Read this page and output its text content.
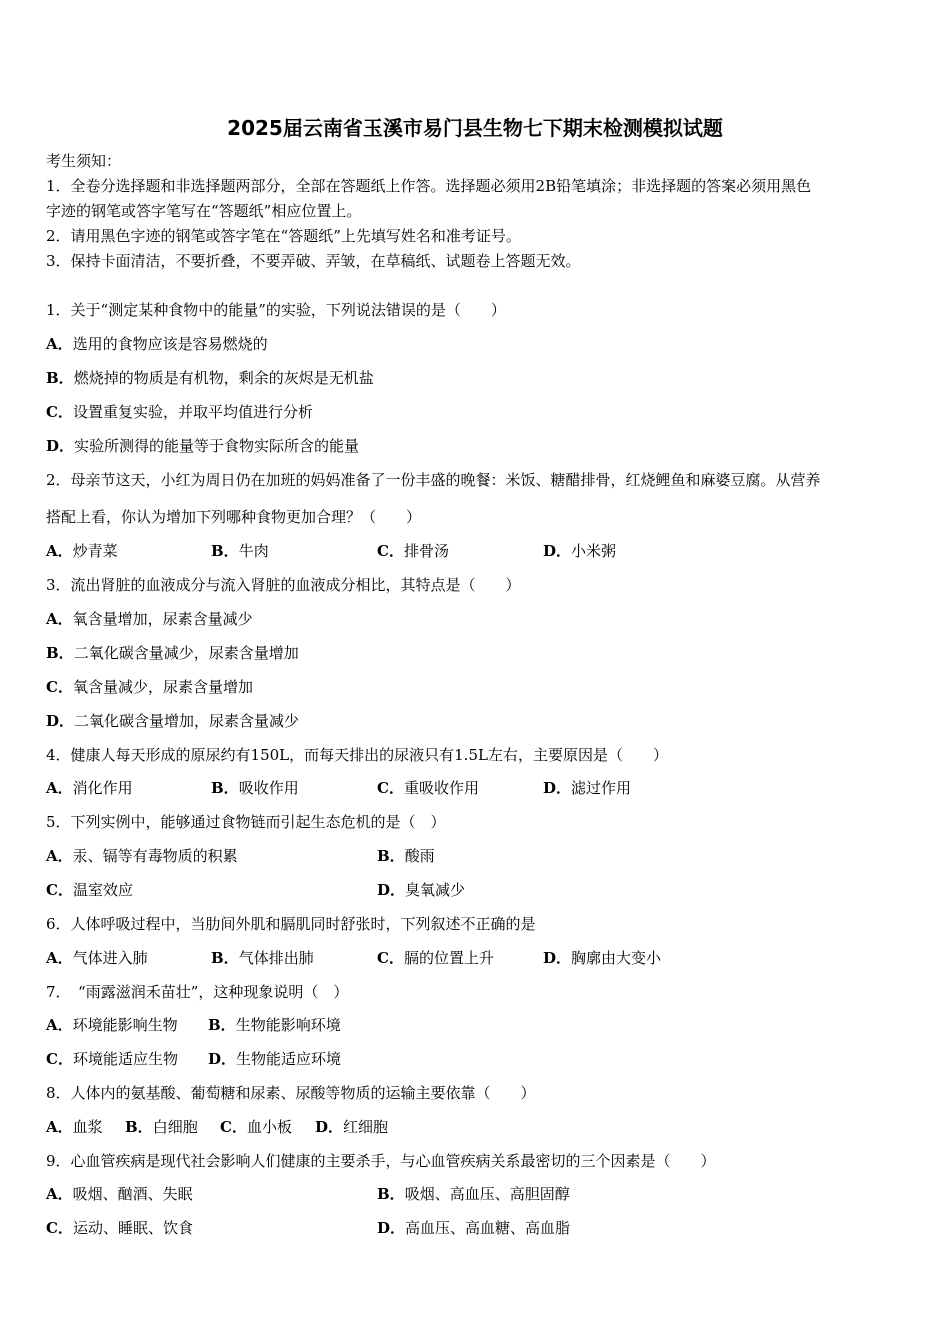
2025届云南省玉溪市易门县生物七下期末检测模拟试题
考生须知：
1．全卷分选择题和非选择题两部分，全部在答题纸上作答。选择题必须用2B铅笔填涂；非选择题的答案必须用黑色
字迹的钢笔或答字笔写在“答题纸”相应位置上。
2．请用黑色字迹的钢笔或答字笔在“答题纸”上先填写姓名和准考证号。
3．保持卡面清洁，不要折叠，不要弄破、弄皱，在草稿纸、试题卷上答题无效。
1．关于“测定某种食物中的能量”的实验，下列说法错误的是（　　）
A．选用的食物应该是容易燃烧的
B．燃烧掉的物质是有机物，剩余的灰烬是无机盐
C．设置重复实验，并取平均值进行分析
D．实验所测得的能量等于食物实际所含的能量
2．母亲节这天，小红为周日仍在加班的妈妈准备了一份丰盛的晚餐：米饭、糖醋排骨，红烧鲤鱼和麻婆豆腐。从营养
搭配上看，你认为增加下列哪种食物更加合理？（　　）
A．炒青菜	B．牛肉	C．排骨汤	D．小米粥
3．流出肾脏的血液成分与流入肾脏的血液成分相比，其特点是（　　）
A．氧含量增加，尿素含量减少
B．二氧化碳含量减少，尿素含量增加
C．氧含量减少，尿素含量增加
D．二氧化碳含量增加，尿素含量减少
4．健康人每天形成的原尿约有150L，而每天排出的尿液只有1.5L左右，主要原因是（　　）
A．消化作用	B．吸收作用	C．重吸收作用	D．滤过作用
5．下列实例中，能够通过食物链而引起生态危机的是（　）
A．汞、镉等有毒物质的积累	B．酸雨
C．温室效应	D．臭氧减少
6．人体呼吸过程中，当肋间外肌和膈肌同时舒张时，下列叙述不正确的是
A．气体进入肺	B．气体排出肺	C．膈的位置上升	D．胸廓由大变小
7．　“雨露滋润禾苗壮”，这种现象说明（　）
A．环境能影响生物 B．生物能影响环境
C．环境能适应生物 D．生物能适应环境
8．人体内的氨基酸、葡萄糖和尿素、尿酸等物质的运输主要依靠（　　）
A．血浆 B．白细胞 C．血小板 D．红细胞
9．心血管疾病是现代社会影响人们健康的主要杀手，与心血管疾病关系最密切的三个因素是（　　）
A．吸烟、酗酒、失眠	B．吸烟、高血压、高胆固醇
C．运动、睡眠、饮食	D．高血压、高血糖、高血脂
